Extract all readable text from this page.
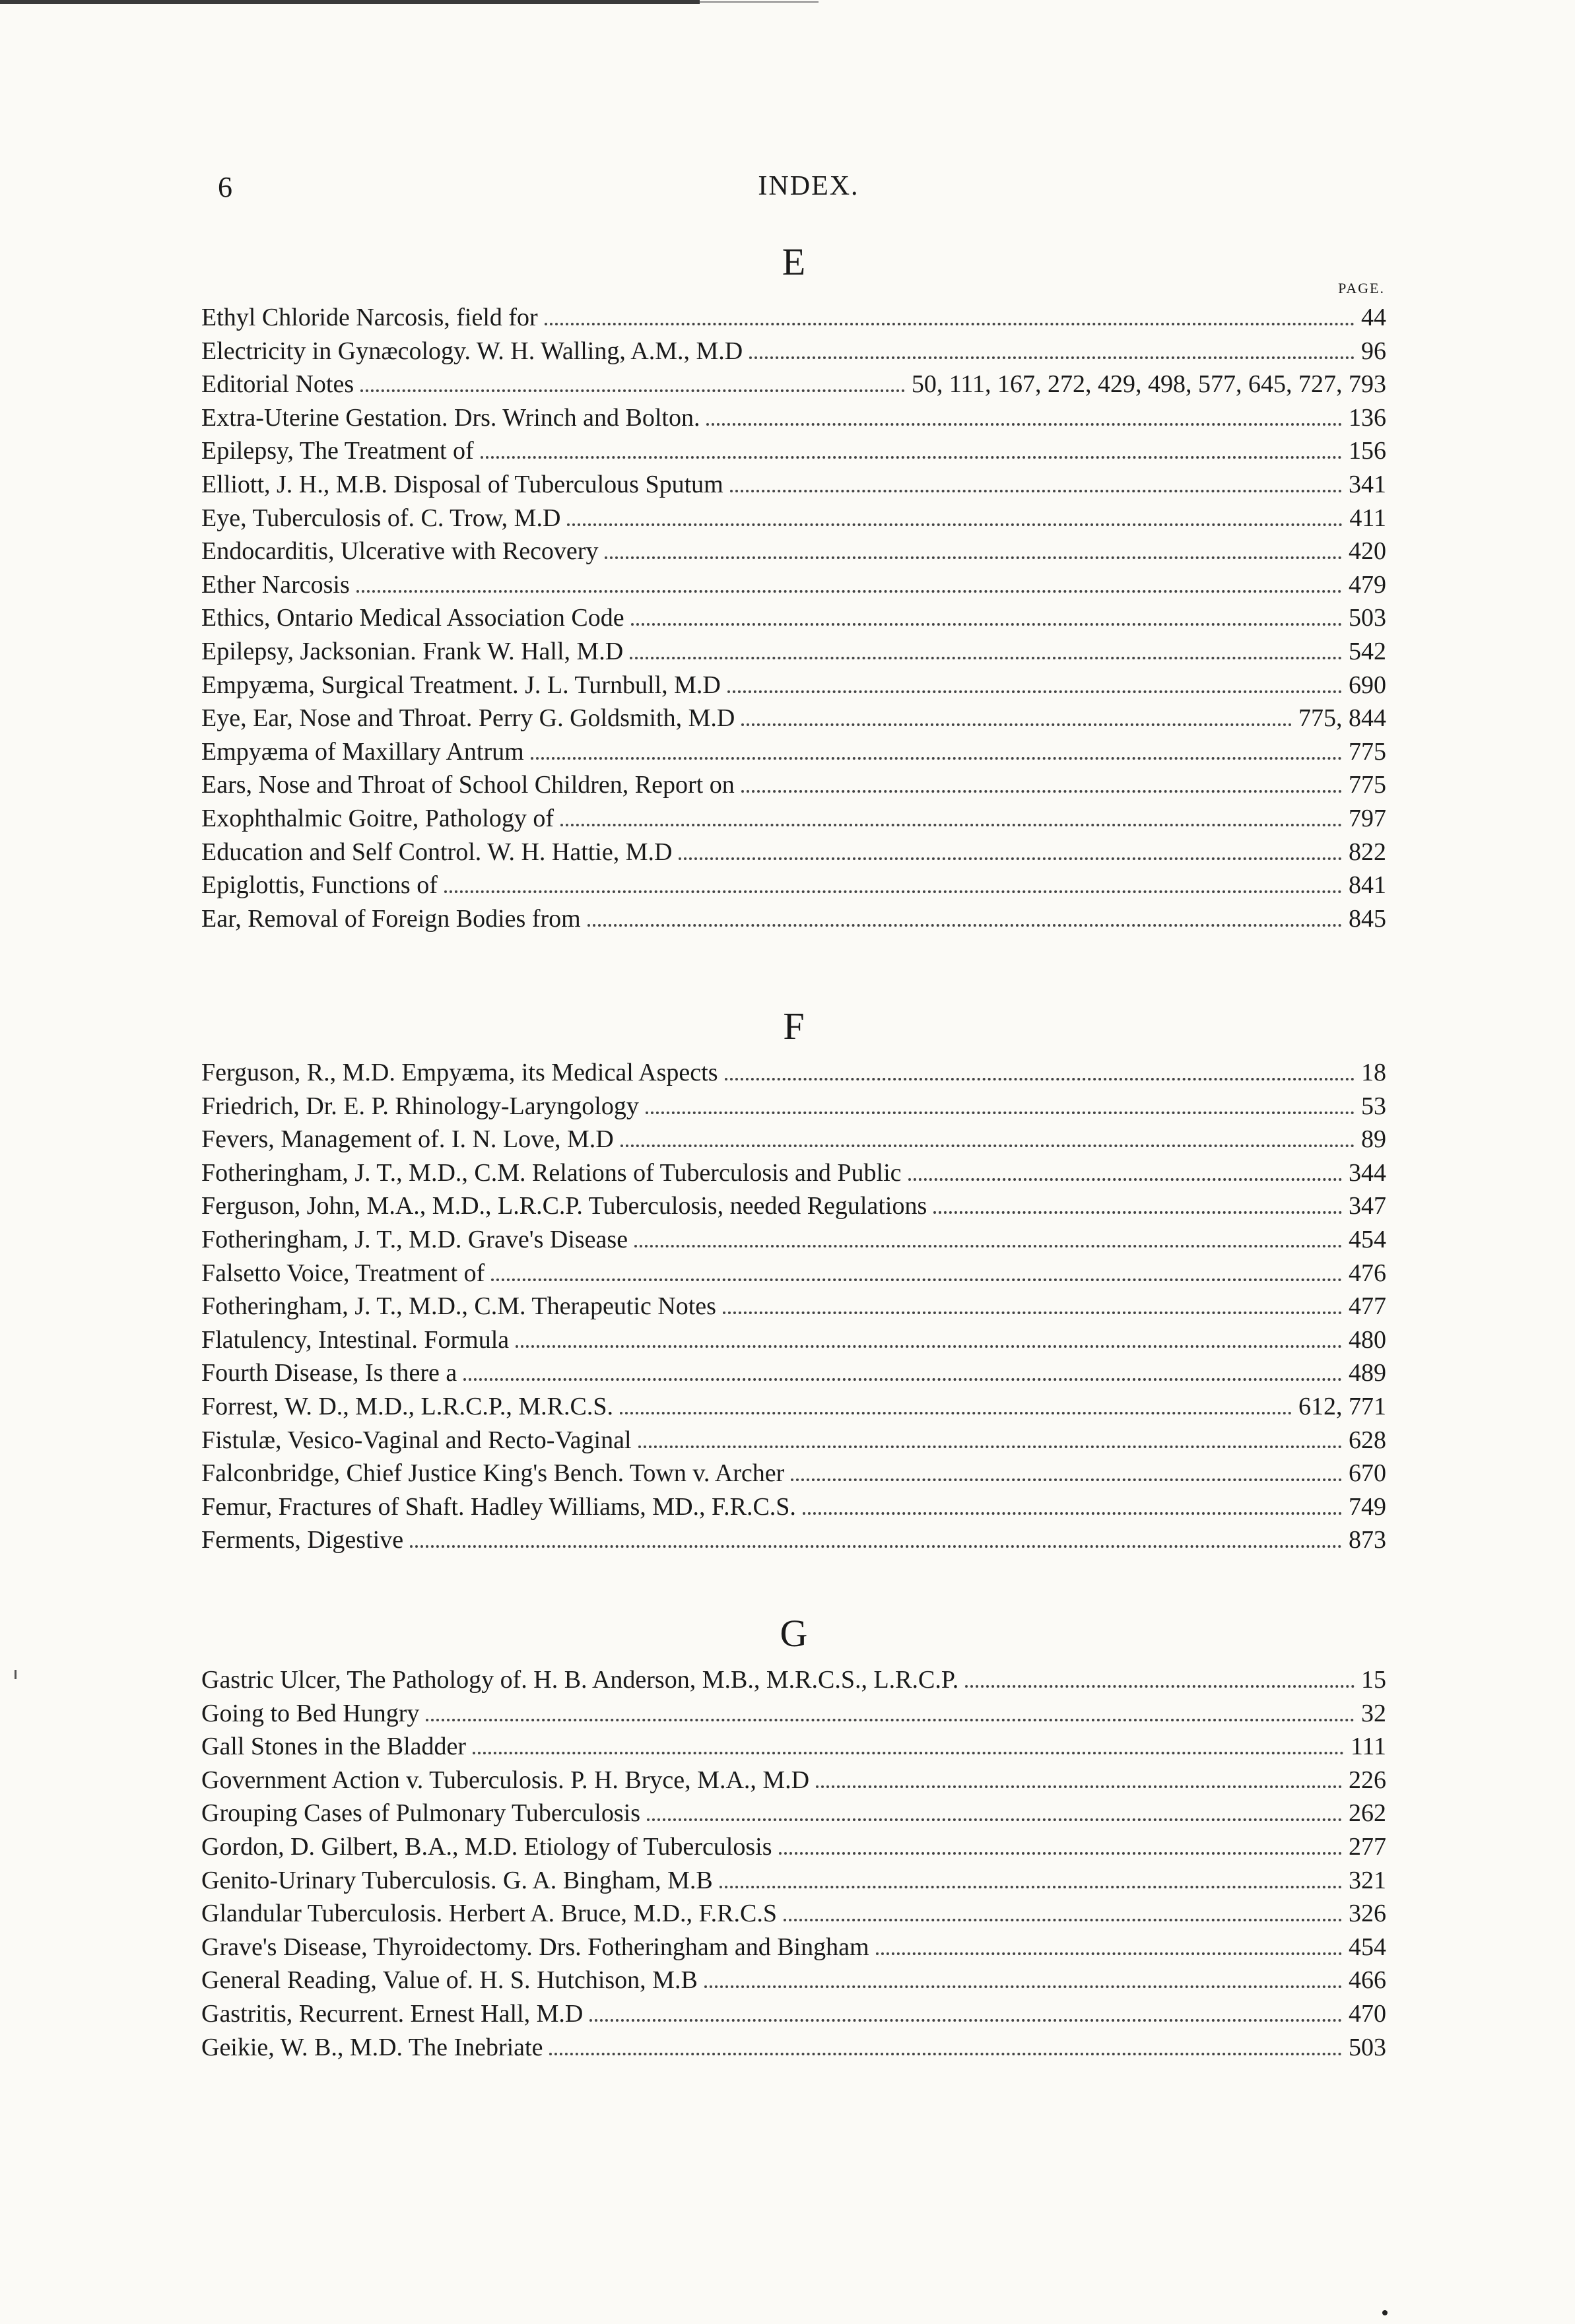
6	INDEX.
E
PAGE.
Ethyl Chloride Narcosis, field for	44
Electricity in Gynæcology. W. H. Walling, A.M., M.D	96
Editorial Notes	50, 111, 167, 272, 429, 498, 577, 645, 727, 793
Extra-Uterine Gestation. Drs. Wrinch and Bolton.	136
Epilepsy, The Treatment of	156
Elliott, J. H., M.B. Disposal of Tuberculous Sputum	341
Eye, Tuberculosis of. C. Trow, M.D	411
Endocarditis, Ulcerative with Recovery	420
Ether Narcosis	479
Ethics, Ontario Medical Association Code	503
Epilepsy, Jacksonian. Frank W. Hall, M.D	542
Empyæma, Surgical Treatment. J. L. Turnbull, M.D	690
Eye, Ear, Nose and Throat. Perry G. Goldsmith, M.D	775, 844
Empyæma of Maxillary Antrum	775
Ears, Nose and Throat of School Children, Report on	775
Exophthalmic Goitre, Pathology of	797
Education and Self Control. W. H. Hattie, M.D	822
Epiglottis, Functions of	841
Ear, Removal of Foreign Bodies from	845
F
Ferguson, R., M.D. Empyæma, its Medical Aspects	18
Friedrich, Dr. E. P. Rhinology-Laryngology	53
Fevers, Management of. I. N. Love, M.D	89
Fotheringham, J. T., M.D., C.M. Relations of Tuberculosis and Public	344
Ferguson, John, M.A., M.D., L.R.C.P. Tuberculosis, needed Regulations	347
Fotheringham, J. T., M.D. Grave's Disease	454
Falsetto Voice, Treatment of	476
Fotheringham, J. T., M.D., C.M. Therapeutic Notes	477
Flatulency, Intestinal. Formula	480
Fourth Disease, Is there a	489
Forrest, W. D., M.D., L.R.C.P., M.R.C.S.	612, 771
Fistulæ, Vesico-Vaginal and Recto-Vaginal	628
Falconbridge, Chief Justice King's Bench. Town v. Archer	670
Femur, Fractures of Shaft. Hadley Williams, MD., F.R.C.S.	749
Ferments, Digestive	873
G
Gastric Ulcer, The Pathology of. H. B. Anderson, M.B., M.R.C.S., L.R.C.P.	15
Going to Bed Hungry	32
Gall Stones in the Bladder	111
Government Action v. Tuberculosis. P. H. Bryce, M.A., M.D	226
Grouping Cases of Pulmonary Tuberculosis	262
Gordon, D. Gilbert, B.A., M.D. Etiology of Tuberculosis	277
Genito-Urinary Tuberculosis. G. A. Bingham, M.B	321
Glandular Tuberculosis. Herbert A. Bruce, M.D., F.R.C.S	326
Grave's Disease, Thyroidectomy. Drs. Fotheringham and Bingham	454
General Reading, Value of. H. S. Hutchison, M.B	466
Gastritis, Recurrent. Ernest Hall, M.D	470
Geikie, W. B., M.D. The Inebriate	503
